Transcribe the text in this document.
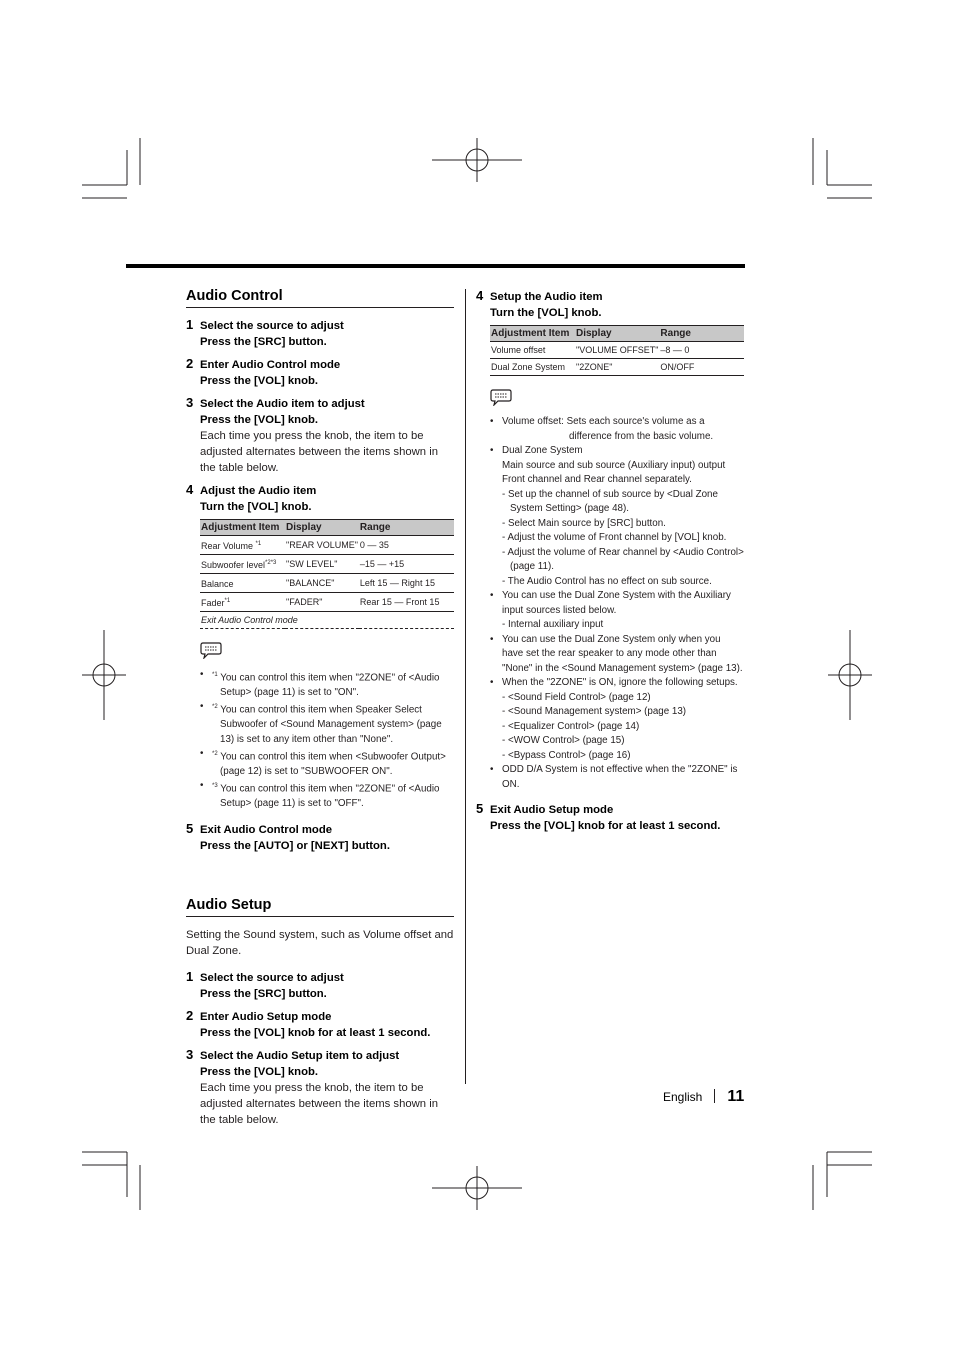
Audio Control
1 Select the source to adjust
Press the [SRC] button.
2 Enter Audio Control mode
Press the [VOL] knob.
3 Select the Audio item to adjust
Press the [VOL] knob.
Each time you press the knob, the item to be adjusted alternates between the items shown in the table below.
4 Adjust the Audio item
Turn the [VOL] knob.
Adjustment Item	Display	Range
Rear Volume $^{*1}$	"REAR VOLUME"	0 — 35
Subwoofer level$^{*2*3}$	"SW LEVEL"	–15 — +15
Balance	"BALANCE"	Left 15 — Right 15
Fader$^{*1}$	"FADER"	Rear 15 — Front 15
Exit Audio Control mode		
• $^{*1}$ You can control this item when "2ZONE" of <Audio Setup> (page 11) is set to "ON".
• $^{*2}$ You can control this item when Speaker Select Subwoofer of <Sound Management system> (page 13) is set to any item other than "None".
• $^{*2}$ You can control this item when <Subwoofer Output> (page 12) is set to "SUBWOOFER ON".
• $^{*3}$ You can control this item when "2ZONE" of <Audio Setup> (page 11) is set to "OFF".
5 Exit Audio Control mode
Press the [AUTO] or [NEXT] button.
Audio Setup
Setting the Sound system, such as Volume offset and Dual Zone.
1 Select the source to adjust
Press the [SRC] button.
2 Enter Audio Setup mode
Press the [VOL] knob for at least 1 second.
3 Select the Audio Setup item to adjust
Press the [VOL] knob.
Each time you press the knob, the item to be adjusted alternates between the items shown in the table below.
4 Setup the Audio item
Turn the [VOL] knob.
Adjustment Item	Display	Range
Volume offset	"VOLUME OFFSET"	–8 — 0
Dual Zone System	"2ZONE"	ON/OFF
• Volume offset: Sets each source's volume as a
difference from the basic volume.
• Dual Zone System
Main source and sub source (Auxiliary input) output Front channel and Rear channel separately.
- Set up the channel of sub source by <Dual Zone System Setting> (page 48).
- Select Main source by [SRC] button.
- Adjust the volume of Front channel by [VOL] knob.
- Adjust the volume of Rear channel by <Audio Control> (page 11).
- The Audio Control has no effect on sub source.
• You can use the Dual Zone System with the Auxiliary input sources listed below.
- Internal auxiliary input
• You can use the Dual Zone System only when you have set the rear speaker to any mode other than "None" in the <Sound Management system> (page 13).
• When the "2ZONE" is ON, ignore the following setups.
- <Sound Field Control> (page 12)
- <Sound Management system> (page 13)
- <Equalizer Control> (page 14)
- <WOW Control> (page 15)
- <Bypass Control> (page 16)
• ODD D/A System is not effective when the "2ZONE" is ON.
5 Exit Audio Setup mode
Press the [VOL] knob for at least 1 second.
English 11
